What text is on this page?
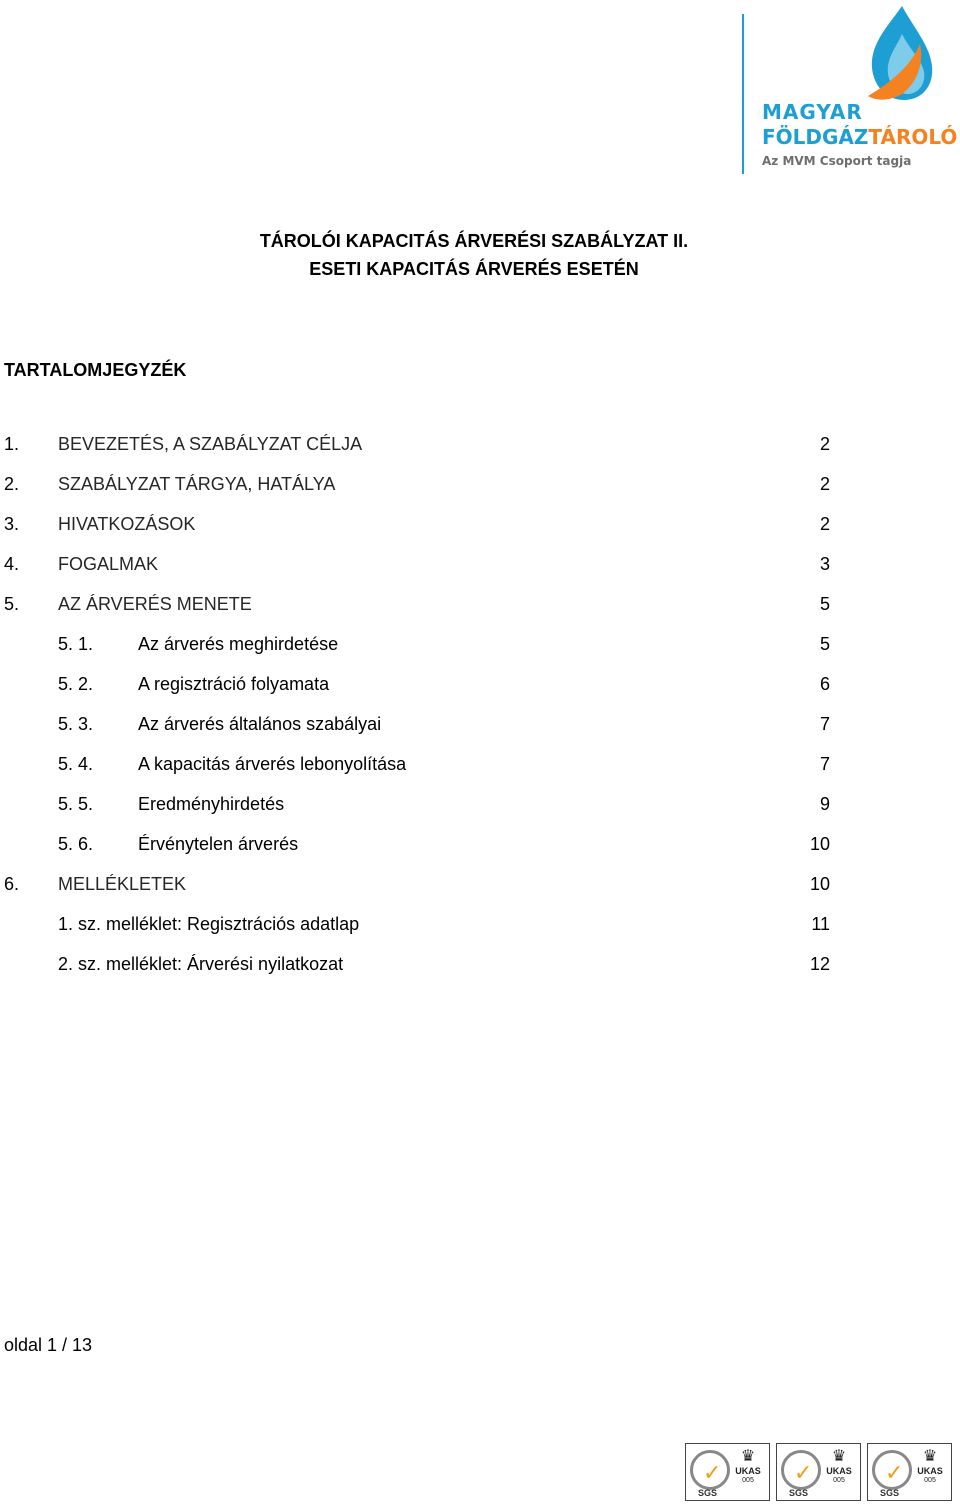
MAGYAR
FÖLDGÁZTÁROLÓ
Az MVM Csoport tagja
TÁROLÓI KAPACITÁS ÁRVERÉSI SZABÁLYZAT II.
ESETI KAPACITÁS ÁRVERÉS ESETÉN
TARTALOMJEGYZÉK
1. BEVEZETÉS, A SZABÁLYZAT CÉLJA	2
2. SZABÁLYZAT TÁRGYA, HATÁLYA	2
3. HIVATKOZÁSOK	2
4. FOGALMAK	3
5. AZ ÁRVERÉS MENETE	5
5. 1. Az árverés meghirdetése	5
5. 2. A regisztráció folyamata	6
5. 3. Az árverés általános szabályai	7
5. 4. A kapacitás árverés lebonyolítása	7
5. 5. Eredményhirdetés	9
5. 6. Érvénytelen árverés	10
6. MELLÉKLETEK	10
1. sz. melléklet: Regisztrációs adatlap	11
2. sz. melléklet: Árverési nyilatkozat	12
oldal 1 / 13
✓
SGS
♛
UKAS
005	✓
SGS
♛
UKAS
005	✓
SGS
♛
UKAS
005
